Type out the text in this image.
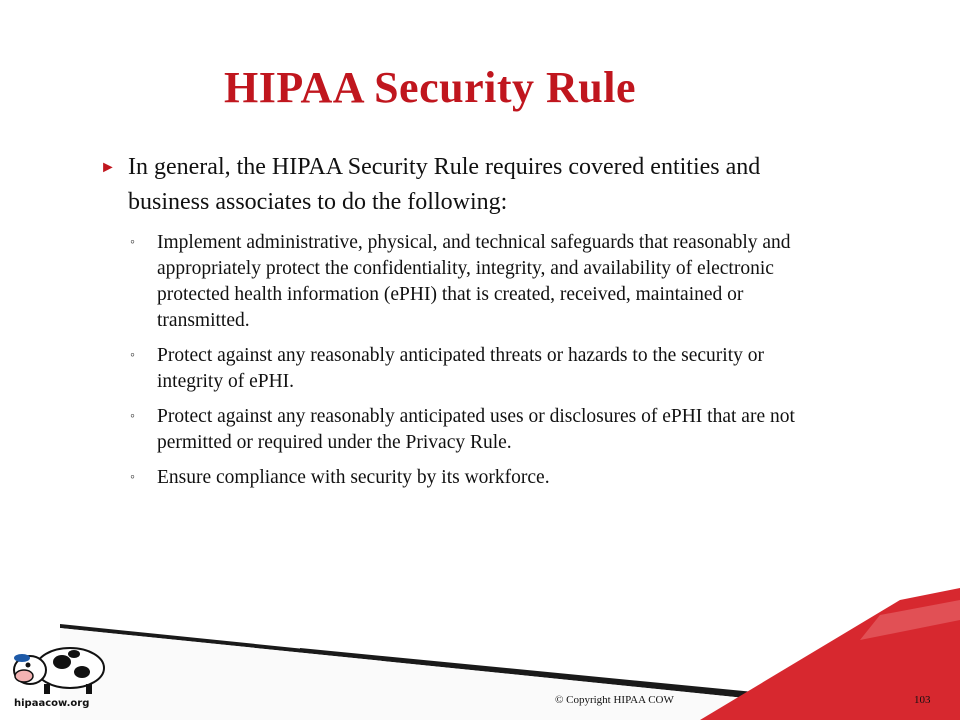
HIPAA Security Rule
► In general, the HIPAA Security Rule requires covered entities and business associates to do the following:
◦ Implement administrative, physical, and technical safeguards that reasonably and appropriately protect the confidentiality, integrity, and availability of electronic protected health information (ePHI) that is created, received, maintained or transmitted.
◦ Protect against any reasonably anticipated threats or hazards to the security or integrity of ePHI.
◦ Protect against any reasonably anticipated uses or disclosures of ePHI that are not permitted or required under the Privacy Rule.
◦ Ensure compliance with security by its workforce.
hipaacow.org	© Copyright HIPAA COW	103
